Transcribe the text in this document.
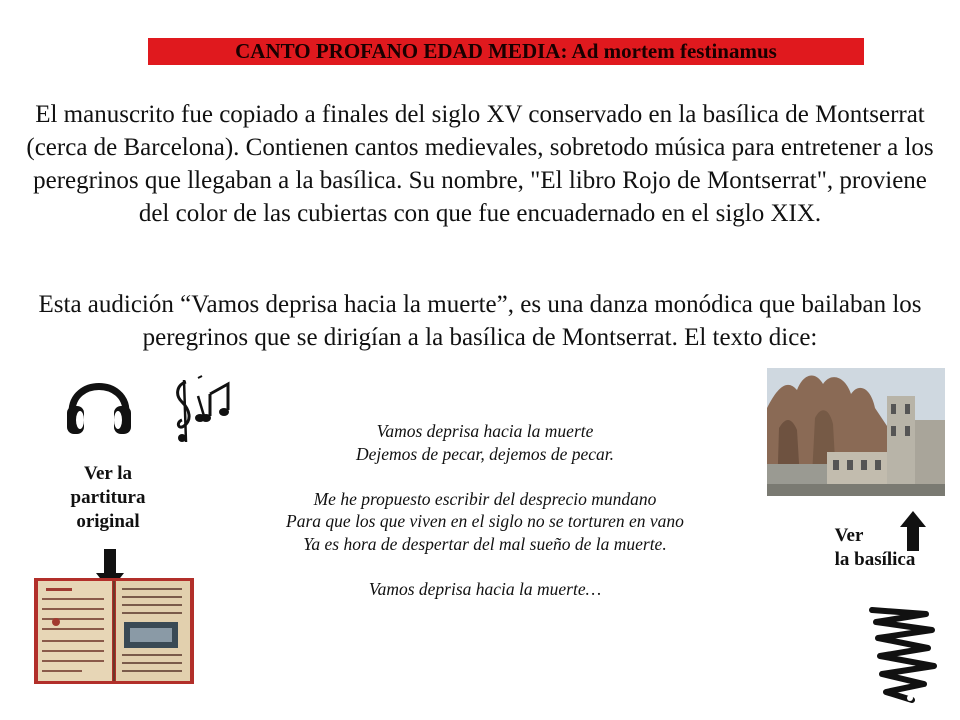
CANTO PROFANO EDAD MEDIA: Ad mortem festinamus

El manuscrito fue copiado a finales del siglo XV conservado en la basílica de Montserrat (cerca de Barcelona). Contienen cantos medievales, sobretodo música para entretener a los peregrinos que llegaban a la basílica. Su nombre, "El libro Rojo de Montserrat", proviene del color de las cubiertas con que fue encuadernado en el siglo XIX.

Esta audición “Vamos deprisa hacia la muerte”, es una danza monódica que bailaban los peregrinos que se dirigían a la basílica de Montserrat. El texto dice:

Vamos deprisa hacia la muerte
Dejemos de pecar, dejemos de pecar.
Me he propuesto escribir del desprecio mundano
Para que los que viven en el siglo no se torturen en vano
Ya es hora de despertar del mal sueño de la muerte.
Vamos deprisa hacia la muerte…
Ver la
partitura
original
Ver
la basílica
